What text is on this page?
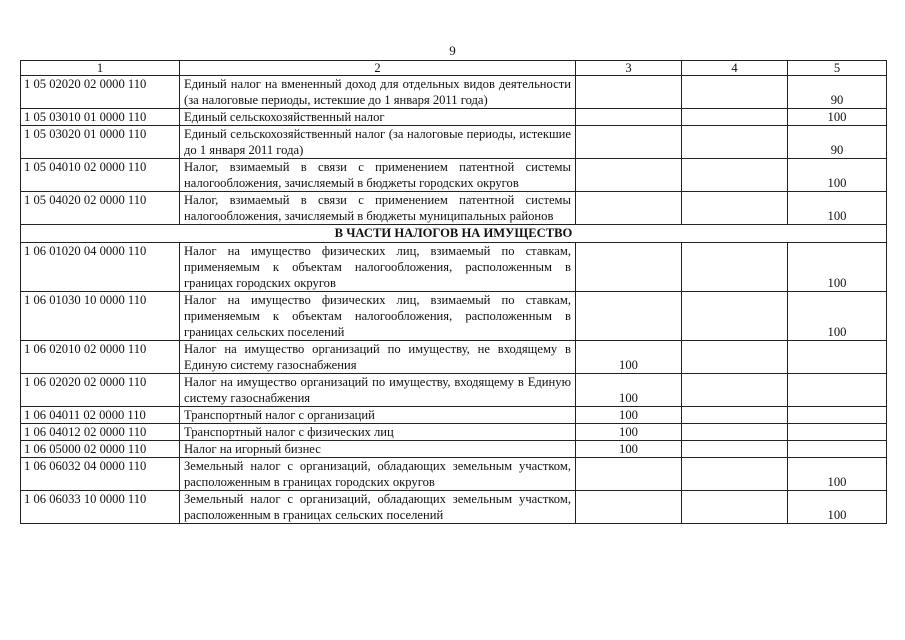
9
1	2	3	4	5
1 05 02020 02 0000 110	Единый налог на вмененный доход для отдельных видов деятельности (за налоговые периоды, истекшие до 1 января 2011 года)			90
1 05 03010 01 0000 110	Единый сельскохозяйственный налог			100
1 05 03020 01 0000 110	Единый сельскохозяйственный налог (за налоговые периоды, истекшие до 1 января 2011 года)			90
1 05 04010 02 0000 110	Налог, взимаемый в связи с применением патентной системы налогообложения, зачисляемый в бюджеты городских округов			100
1 05 04020 02 0000 110	Налог, взимаемый в связи с применением патентной системы налогообложения, зачисляемый в бюджеты муниципальных районов			100
В ЧАСТИ НАЛОГОВ НА ИМУЩЕСТВО				
1 06 01020 04 0000 110	Налог на имущество физических лиц, взимаемый по ставкам, применяемым к объектам налогообложения, расположенным в границах городских округов			100
1 06 01030 10 0000 110	Налог на имущество физических лиц, взимаемый по ставкам, применяемым к объектам налогообложения, расположенным в границах сельских поселений			100
1 06 02010 02 0000 110	Налог на имущество организаций по имуществу, не входящему в Единую систему газоснабжения	100		
1 06 02020 02 0000 110	Налог на имущество организаций по имуществу, входящему в Единую систему газоснабжения	100		
1 06 04011 02 0000 110	Транспортный налог с организаций	100		
1 06 04012 02 0000 110	Транспортный налог с физических лиц	100		
1 06 05000 02 0000 110	Налог на игорный бизнес	100		
1 06 06032 04 0000 110	Земельный налог с организаций, обладающих земельным участком, расположенным в границах городских округов			100
1 06 06033 10 0000 110	Земельный налог с организаций, обладающих земельным участком, расположенным в границах сельских поселений			100
